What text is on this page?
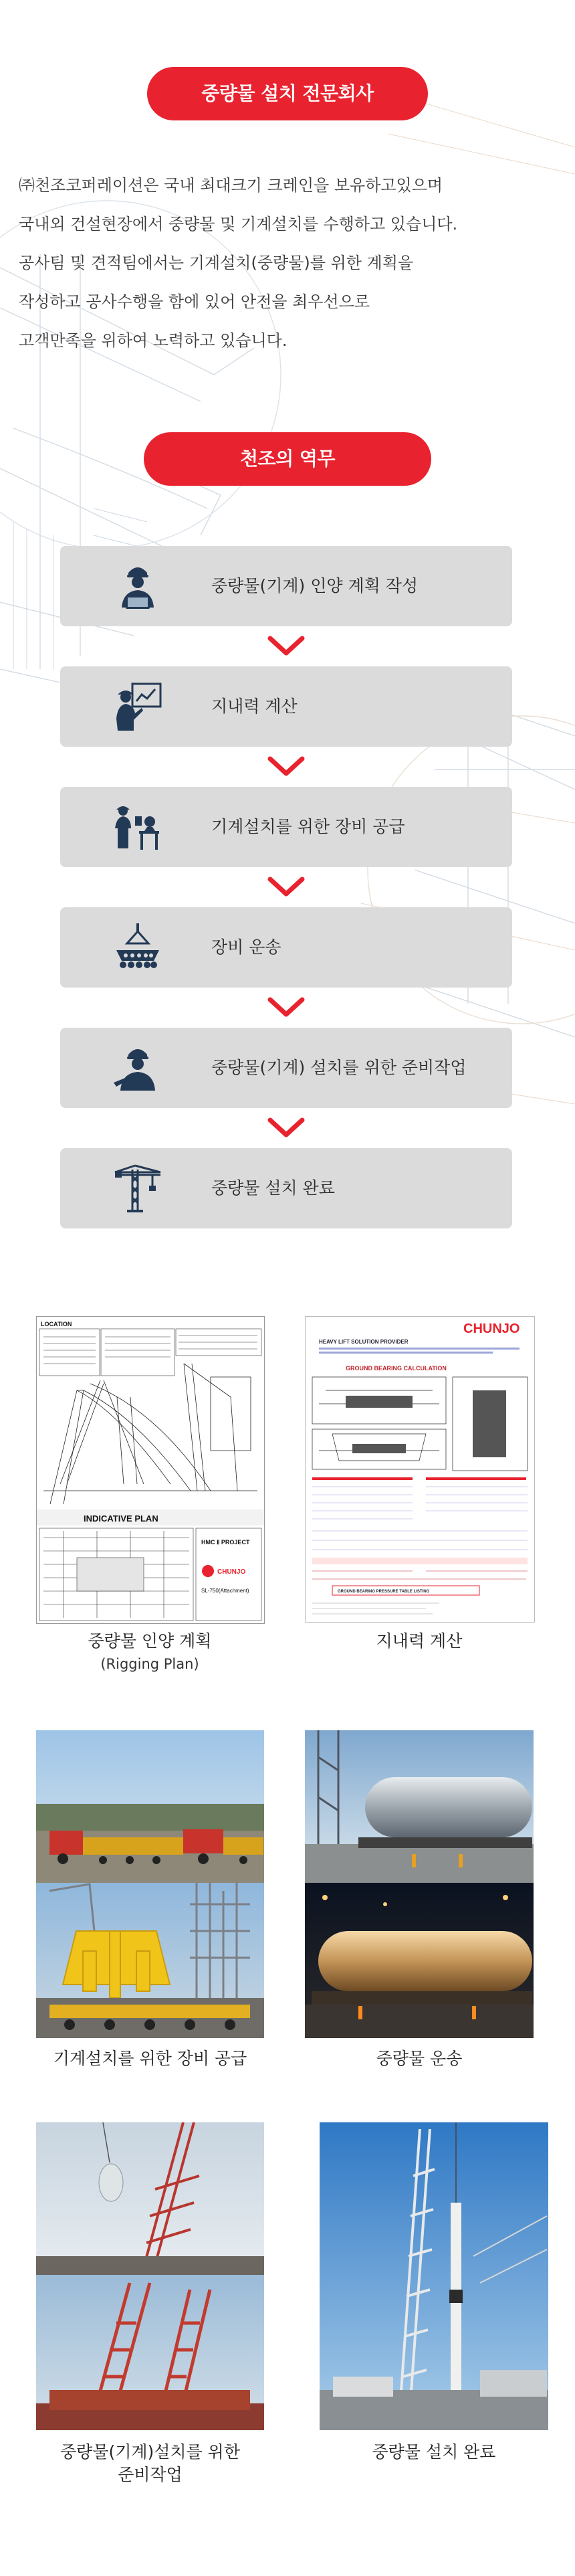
중량물 설치 전문회사
㈜천조코퍼레이션은 국내 최대크기 크레인을 보유하고있으며
국내외 건설현장에서 중량물 및 기계설치를 수행하고 있습니다.
공사팀 및 견적팀에서는 기계설치(중량물)를 위한 계획을
작성하고 공사수행을 함에 있어 안전을 최우선으로
고객만족을 위하여 노력하고 있습니다.
천조의 역무
중량물(기계) 인양 계획 작성
지내력 계산
기계설치를 위한 장비 공급
장비 운송
중량물(기계) 설치를 위한 준비작업
중량물 설치 완료
LOCATION
INDICATIVE PLAN
HMC Ⅱ PROJECT
CHUNJO
SL-750(Attachment)
중량물 인양 계획
(Rigging Plan)
CHUNJO
HEAVY LIFT SOLUTION PROVIDER
GROUND BEARING CALCULATION
GROUND BEARING PRESSURE TABLE LISTING
지내력 계산
기계설치를 위한 장비 공급	중량물 운송
중량물(기계)설치를 위한
준비작업
중량물 설치 완료
